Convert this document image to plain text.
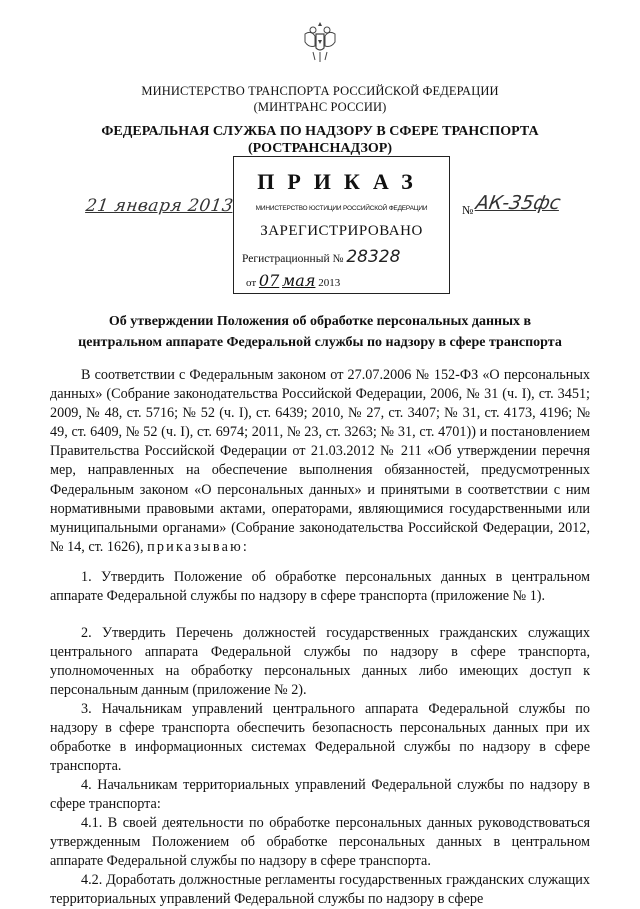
МИНИСТЕРСТВО ТРАНСПОРТА РОССИЙСКОЙ ФЕДЕРАЦИИ
(МИНТРАНС РОССИИ)
ФЕДЕРАЛЬНАЯ СЛУЖБА ПО НАДЗОРУ В СФЕРЕ ТРАНСПОРТА
(РОСТРАНСНАДЗОР)
ПРИКАЗ
МИНИСТЕРСТВО ЮСТИЦИИ РОССИЙСКОЙ ФЕДЕРАЦИИ
ЗАРЕГИСТРИРОВАНО
Регистрационный № 28328
от 07 мая 2013
21 января 2013	№ АК-35фс
Об утверждении Положения об обработке персональных данных в
центральном аппарате Федеральной службы по надзору в сфере транспорта
В соответствии с Федеральным законом от 27.07.2006 № 152-ФЗ «О персональных данных» (Собрание законодательства Российской Федерации, 2006, № 31 (ч. I), ст. 3451; 2009, № 48, ст. 5716; № 52 (ч. I), ст. 6439; 2010, № 27, ст. 3407; № 31, ст. 4173, 4196; № 49, ст. 6409, № 52 (ч. I), ст. 6974; 2011, № 23, ст. 3263; № 31, ст. 4701)) и постановлением Правительства Российской Федерации от 21.03.2012 № 211 «Об утверждении перечня мер, направленных на обеспечение выполнения обязанностей, предусмотренных Федеральным законом «О персональных данных» и принятыми в соответствии с ним нормативными правовыми актами, операторами, являющимися государственными или муниципальными органами» (Собрание законодательства Российской Федерации, 2012, № 14, ст. 1626), приказываю:
1. Утвердить Положение об обработке персональных данных в центральном аппарате Федеральной службы по надзору в сфере транспорта (приложение № 1).
2. Утвердить Перечень должностей государственных гражданских служащих центрального аппарата Федеральной службы по надзору в сфере транспорта, уполномоченных на обработку персональных данных либо имеющих доступ к персональным данным (приложение № 2).
3. Начальникам управлений центрального аппарата Федеральной службы по надзору в сфере транспорта обеспечить безопасность персональных данных при их обработке в информационных системах Федеральной службы по надзору в сфере транспорта.
4. Начальникам территориальных управлений Федеральной службы по надзору в сфере транспорта:
4.1. В своей деятельности по обработке персональных данных руководствоваться утвержденным Положением об обработке персональных данных в центральном аппарате Федеральной службы по надзору в сфере транспорта.
4.2. Доработать должностные регламенты государственных гражданских служащих территориальных управлений Федеральной службы по надзору в сфере
